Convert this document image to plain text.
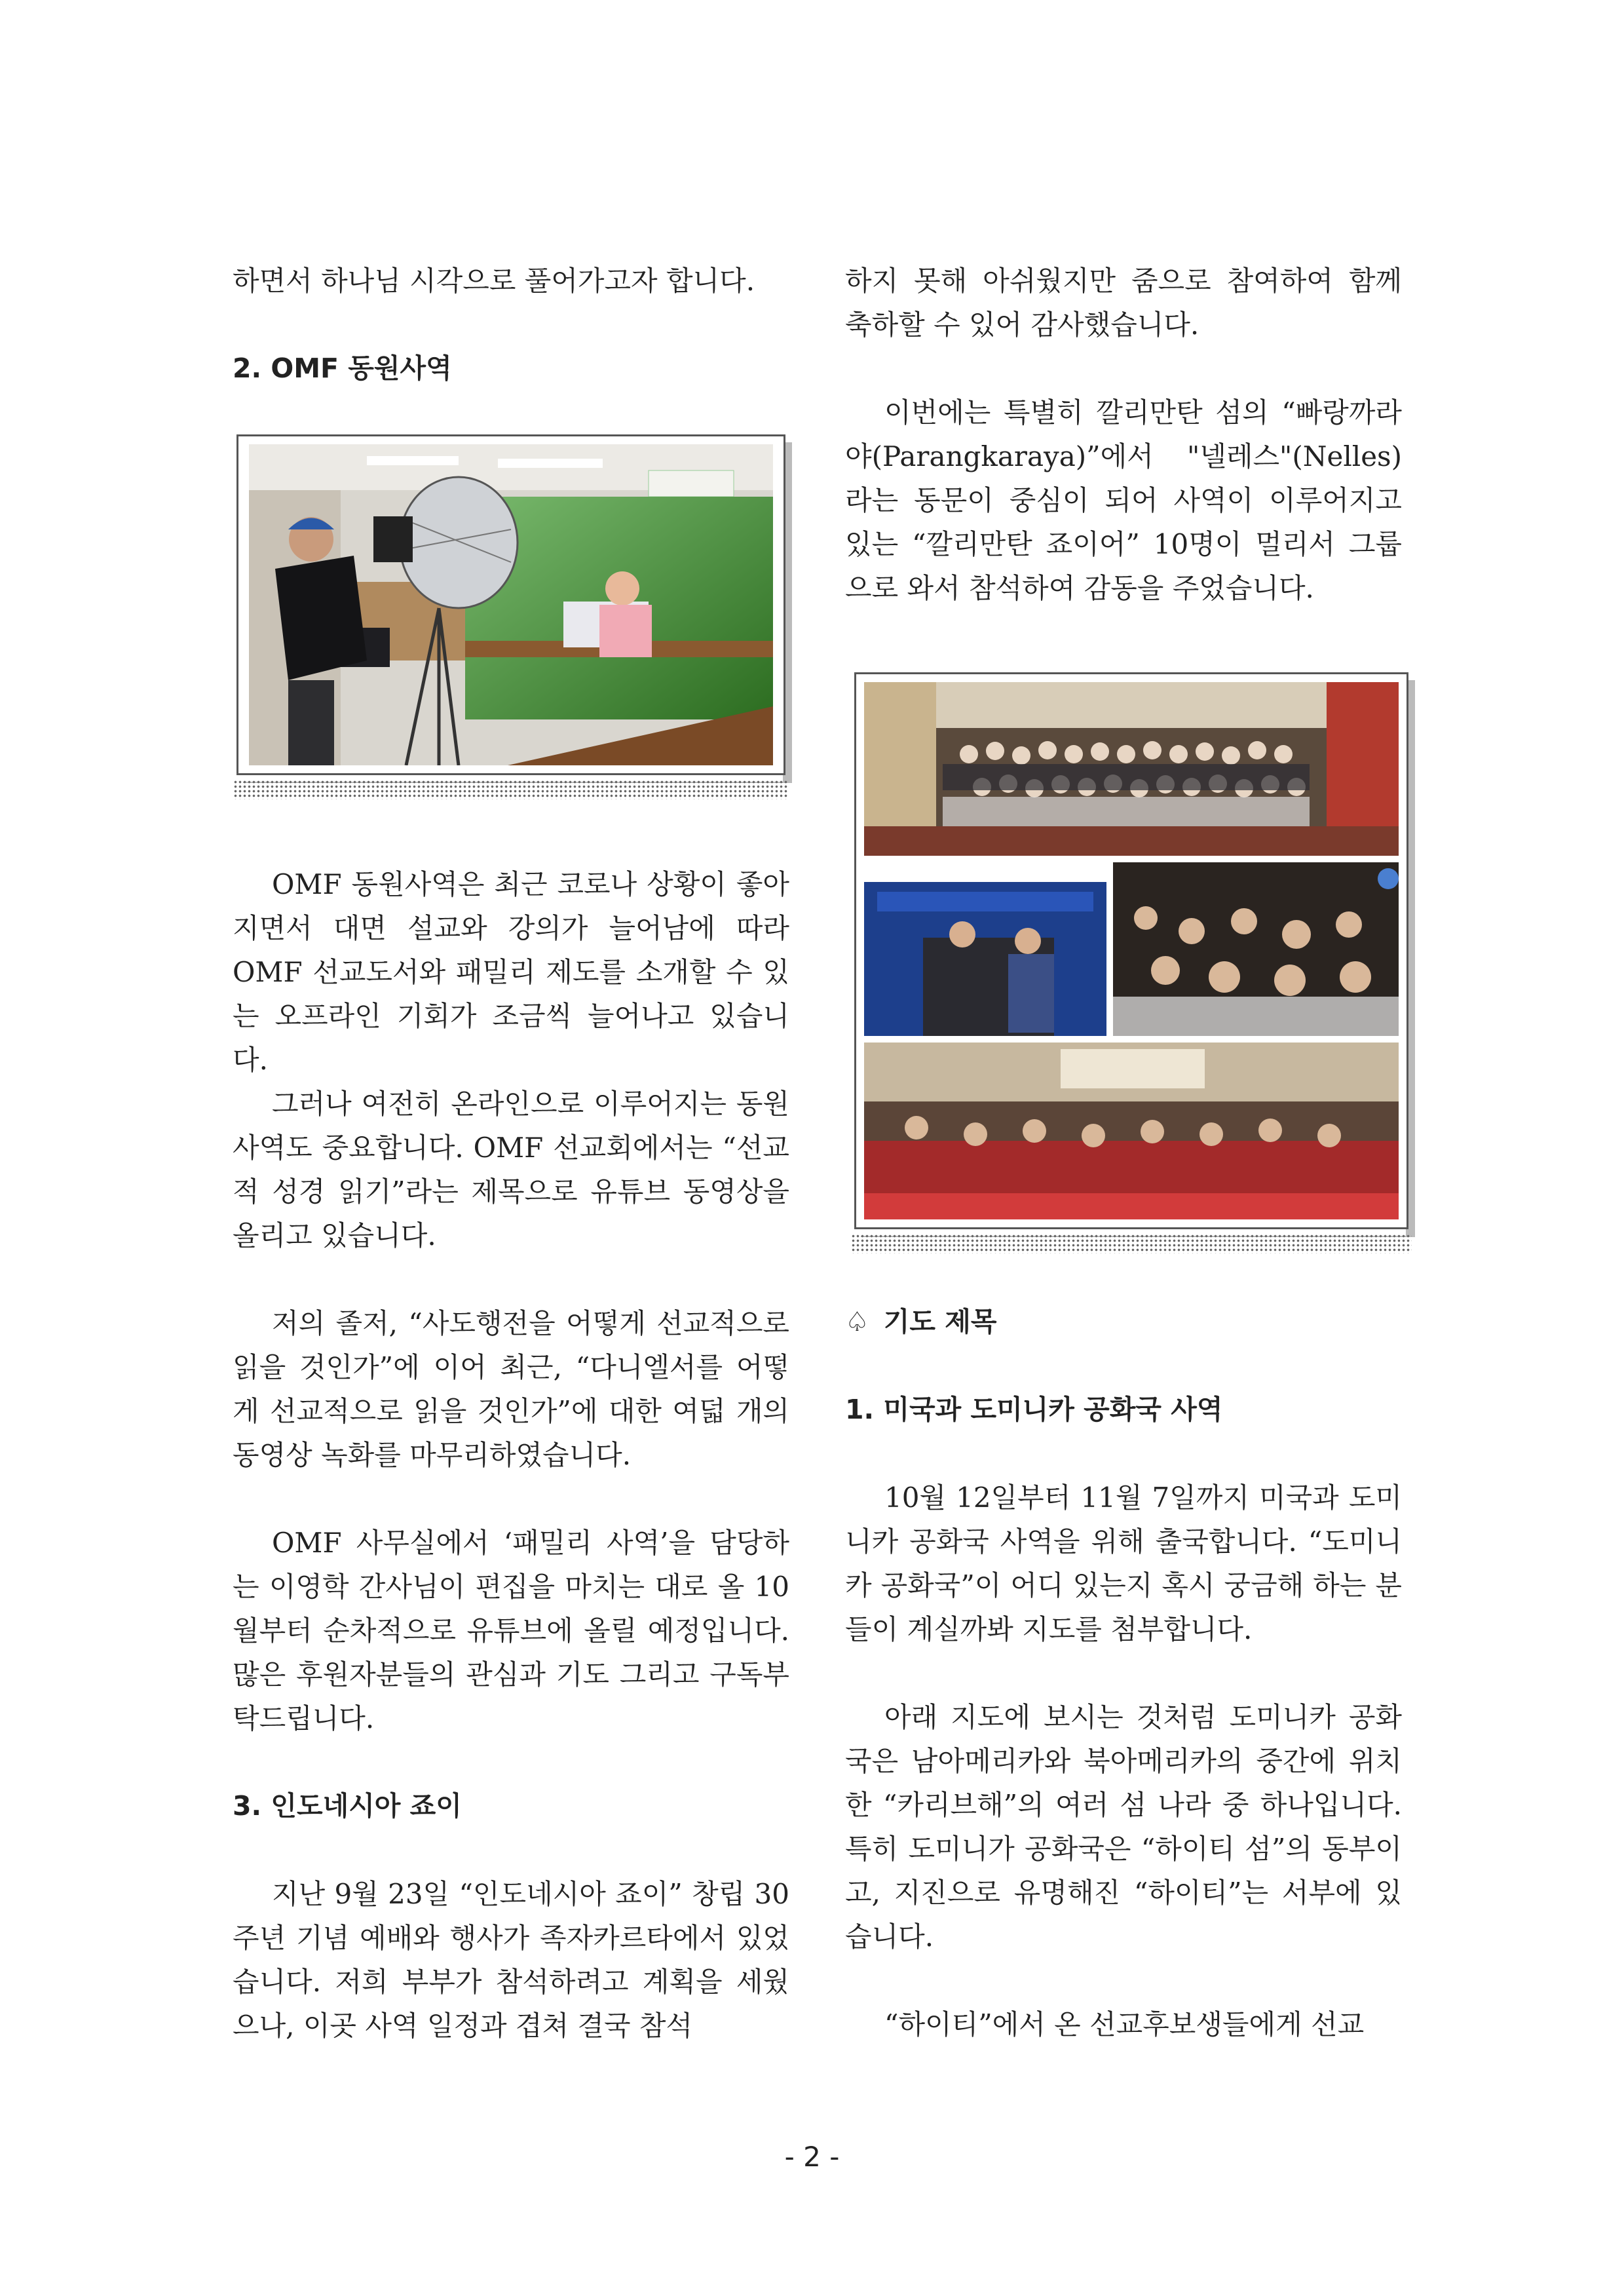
하면서 하나님 시각으로 풀어가고자 합니다.

2. OMF 동원사역

OMF 동원사역은 최근 코로나 상황이 좋아지면서 대면 설교와 강의가 늘어남에 따라 OMF 선교도서와 패밀리 제도를 소개할 수 있는 오프라인 기회가 조금씩 늘어나고 있습니다.

그러나 여전히 온라인으로 이루어지는 동원사역도 중요합니다. OMF 선교회에서는 “선교적 성경 읽기”라는 제목으로 유튜브 동영상을 올리고 있습니다.

저의 졸저, “사도행전을 어떻게 선교적으로 읽을 것인가”에 이어 최근, “다니엘서를 어떻게 선교적으로 읽을 것인가”에 대한 여덟 개의 동영상 녹화를 마무리하였습니다.

OMF 사무실에서 ‘패밀리 사역’을 담당하는 이영학 간사님이 편집을 마치는 대로 올 10월부터 순차적으로 유튜브에 올릴 예정입니다. 많은 후원자분들의 관심과 기도 그리고 구독부탁드립니다.

3. 인도네시아 죠이

지난 9월 23일 “인도네시아 죠이” 창립 30주년 기념 예배와 행사가 족자카르타에서 있었습니다. 저희 부부가 참석하려고 계획을 세웠으나, 이곳 사역 일정과 겹쳐 결국 참석

하지 못해 아쉬웠지만 줌으로 참여하여 함께 축하할 수 있어 감사했습니다.

이번에는 특별히 깔리만탄 섬의 “빠랑까라야(Parangkaraya)”에서 "넬레스"(Nelles)라는 동문이 중심이 되어 사역이 이루어지고 있는 “깔리만탄 죠이어” 10명이 멀리서 그룹으로 와서 참석하여 감동을 주었습니다.

♤ 기도 제목

1. 미국과 도미니카 공화국 사역

10월 12일부터 11월 7일까지 미국과 도미니카 공화국 사역을 위해 출국합니다. “도미니카 공화국”이 어디 있는지 혹시 궁금해 하는 분들이 계실까봐 지도를 첨부합니다.

아래 지도에 보시는 것처럼 도미니카 공화국은 남아메리카와 북아메리카의 중간에 위치한 “카리브해”의 여러 섬 나라 중 하나입니다. 특히 도미니가 공화국은 “하이티 섬”의 동부이고, 지진으로 유명해진 “하이티”는 서부에 있습니다.

“하이티”에서 온 선교후보생들에게 선교

- 2 -
